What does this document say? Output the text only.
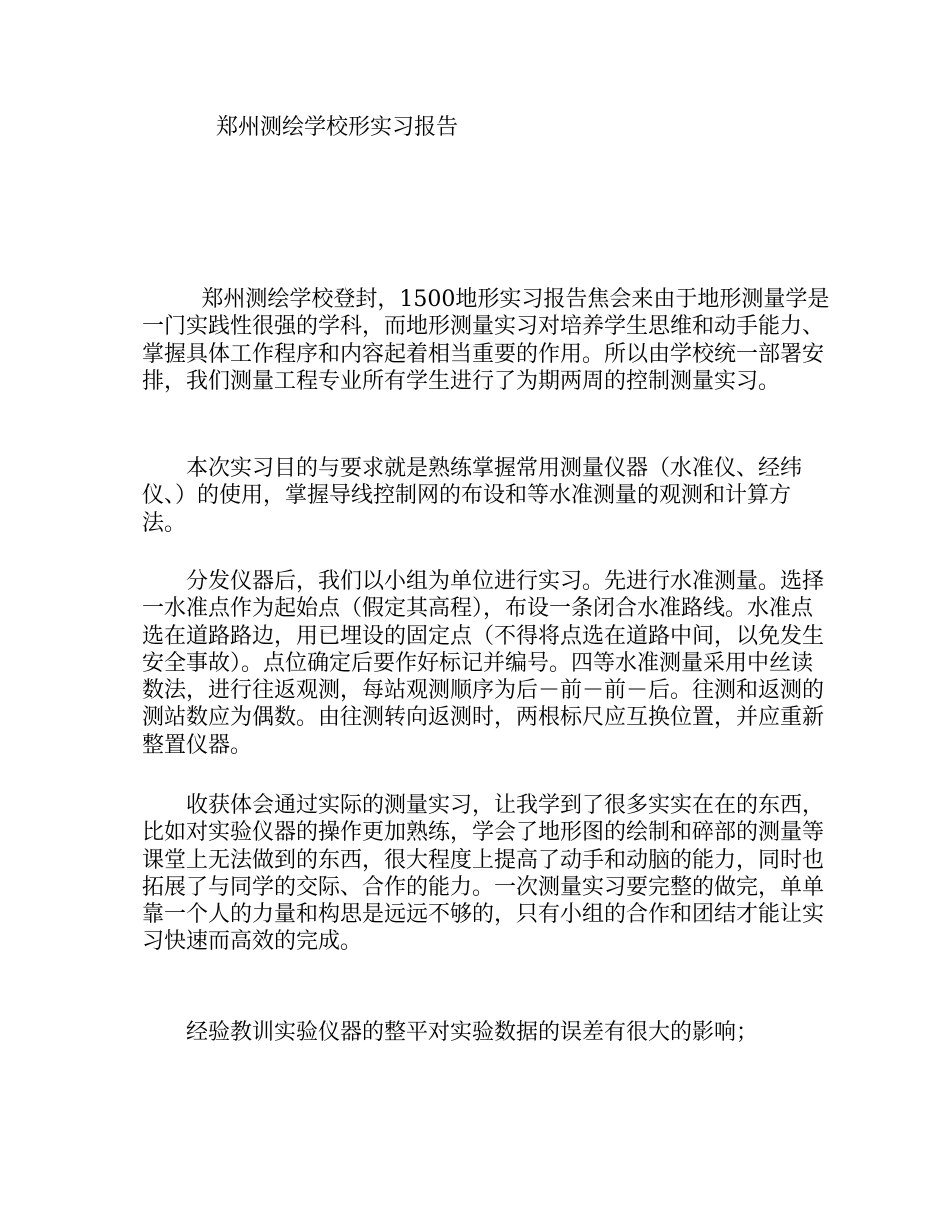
郑州测绘学校形实习报告

郑州测绘学校登封，1500地形实习报告焦会来由于地形测量学是一门实践性很强的学科，而地形测量实习对培养学生思维和动手能力、掌握具体工作程序和内容起着相当重要的作用。所以由学校统一部署安排，我们测量工程专业所有学生进行了为期两周的控制测量实习。

本次实习目的与要求就是熟练掌握常用测量仪器（水准仪、经纬仪、）的使用，掌握导线控制网的布设和等水准测量的观测和计算方法。

分发仪器后，我们以小组为单位进行实习。先进行水准测量。选择一水准点作为起始点（假定其高程），布设一条闭合水准路线。水准点选在道路路边，用已埋设的固定点（不得将点选在道路中间，以免发生安全事故）。点位确定后要作好标记并编号。四等水准测量采用中丝读数法，进行往返观测，每站观测顺序为后－前－前－后。往测和返测的测站数应为偶数。由往测转向返测时，两根标尺应互换位置，并应重新整置仪器。

收获体会通过实际的测量实习，让我学到了很多实实在在的东西，比如对实验仪器的操作更加熟练，学会了地形图的绘制和碎部的测量等课堂上无法做到的东西，很大程度上提高了动手和动脑的能力，同时也拓展了与同学的交际、合作的能力。一次测量实习要完整的做完，单单靠一个人的力量和构思是远远不够的，只有小组的合作和团结才能让实习快速而高效的完成。

经验教训实验仪器的整平对实验数据的误差有很大的影响；
